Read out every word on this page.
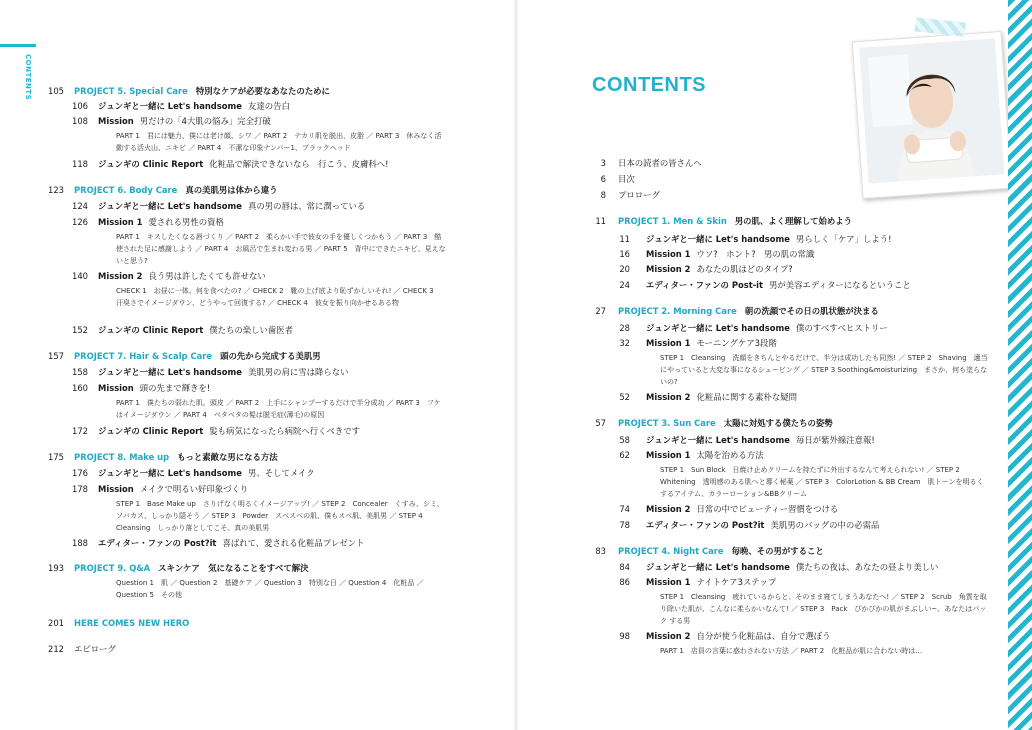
CONTENTS	105 PROJECT 5. Special Care 特別なケアが必要なあなたのために
106 ジュンギと一緒に Let's handsome 友達の告白
108 Mission 男だけの「4大肌の悩み」完全打破
118 ジュンギの Clinic Report 化粧品で解決できないなら　行こう、皮膚科へ!
123 PROJECT 6. Body Care 真の美肌男は体から違う
124 ジュンギと一緒に Let's handsome 真の男の唇は、常に潤っている
126 Mission 1 愛される男性の資格
140 Mission 2 良う男は許したくても許せない
152 ジュンギの Clinic Report 僕たちの楽しい歯医者
157 PROJECT 7. Hair & Scalp Care 頭の先から完成する美肌男
158 ジュンギと一緒に Let's handsome 美肌男の肩に雪は降らない
160 Mission 頭の先まで輝きを!
172 ジュンギの Clinic Report 髪も病気になったら病院へ行くべきです
175 PROJECT 8. Make up もっと素敵な男になる方法
176 ジュンギと一緒に Let's handsome 男、そしてメイク
178 Mission メイクで明るい好印象づくり
188 エディター・ファンの Post?it 喜ばれて、愛される化粧品プレゼント
193 PROJECT 9. Q&A スキンケア　気になることをすべて解決
201 HERE COMES NEW HERO
212 エピローグ
PART 1　君には魅力、僕には老け顔、シワ ／ PART 2　テカリ肌を脱出、皮脂 ／ PART 3　休みなく活動する活火山、ニキビ ／ PART 4　不潔な印象ナンバー1、ブラックヘッド
PART 1　キスしたくなる唇づくり ／ PART 2　柔らかい手で彼女の手を優しくつかもう ／ PART 3　酷使された足に感謝しよう ／ PART 4　お風呂で生まれ変わる男 ／ PART 5　背中にできたニキビ、見えないと思う?
CHECK 1　お昼に一体、何を食べたの? ／ CHECK 2　靴の上げ底より恥ずかしいそれ! ／ CHECK 3　汗臭さでイメージダウン、どうやって回復する? ／ CHECK 4　彼女を振り向かせるある物
PART 1　僕たちの弱れた肌、頭皮 ／ PART 2　上手にシャンプーするだけで半分成功 ／ PART 3　フケはイメージダウン ／ PART 4　ベタベタの髪は脱毛症(薄毛)の原因
STEP 1　Base Make up　さりげなく明るくイメージアップ! ／ STEP 2　Concealer　くすみ、シミ、ソバカス、しっかり隠そう ／ STEP 3　Powder　スベスベの肌、僕もスベ肌、美肌男 ／ STEP 4　Cleansing　しっかり落としてこそ、真の美肌男
Question 1　肌 ／ Question 2　基礎ケア ／ Question 3　特別な日 ／ Question 4　化粧品 ／ Question 5　その他
3 日本の読者の皆さんへ
6 目次
8 プロローグ
11 PROJECT 1. Men & Skin 男の肌、よく理解して始めよう
11 ジュンギと一緒に Let's handsome 男らしく「ケア」しよう!
16 Mission 1 ウソ?　ホント?　男の肌の常識
20 Mission 2 あなたの肌はどのタイプ?
24 エディター・ファンの Post-it 男が美容エディターになるということ
27 PROJECT 2. Morning Care 朝の洗顔でその日の肌状態が決まる
28 ジュンギと一緒に Let's handsome 僕のすべすべヒストリー
32 Mission 1 モーニングケア3段階
52 Mission 2 化粧品に関する素朴な疑問
57 PROJECT 3. Sun Care 太陽に対処する僕たちの姿勢
58 ジュンギと一緒に Let's handsome 毎日が紫外線注意報!
62 Mission 1 太陽を治める方法
74 Mission 2 日常の中でビューティー習慣をつける
78 エディター・ファンの Post?it 美肌男のバッグの中の必需品
83 PROJECT 4. Night Care 毎晩、その男がすること
84 ジュンギと一緒に Let's handsome 僕たちの夜は、あなたの昼より美しい
86 Mission 1 ナイトケア3ステップ
98 Mission 2 自分が使う化粧品は、自分で選ぼう
STEP 1　Cleansing　洗顔をきちんとやるだけで、半分は成功したも同然! ／ STEP 2　Shaving　適当にやっていると大変な事になるシェービング ／ STEP 3 Soothing&moisturizing　まさか、何も塗らないの?
STEP 1　Sun Block　日焼け止めクリームを持たずに外出するなんて考えられない! ／ STEP 2　Whitening　透明感のある肌へと導く秘薬 ／ STEP 3　ColorLotion & BB Cream　肌トーンを明るくするアイテム、カラーローション&BBクリーム
STEP 1　Cleansing　疲れているからと、そのまま寝てしまうあなたへ! ／ STEP 2　Scrub　角質を取り除いた肌が、こんなに柔らかいなんて! ／ STEP 3　Pack　ぴかぴかの肌がまぶしい~、あなたはパック する男
PART 1　店員の言葉に惑わされない方法 ／ PART 2　化粧品が肌に合わない時は…
CONTENTS
